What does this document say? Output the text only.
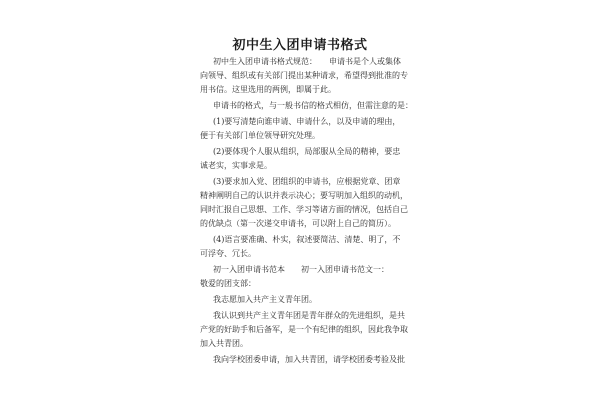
初中生入团申请书格式
初中生入团申请书格式规范：　　申请书是个人或集体
向领导、组织或有关部门提出某种请求，希望得到批准的专
用书信。这里选用的两例，即属于此。
申请书的格式，与一般书信的格式相仿，但需注意的是：
(1)要写清楚向谁申请、申请什么，以及申请的理由，
便于有关部门单位领导研究处理。
(2)要体现个人服从组织，局部服从全局的精神，要忠
诚老实，实事求是。
(3)要求加入党、团组织的申请书，应根据党章、团章
精神阐明自己的认识并表示决心；要写明加入组织的动机，
同时汇报自己思想、工作、学习等诸方面的情况，包括自己
的优缺点（第一次递交申请书，可以附上自己的简历）。
(4)语言要准确、朴实，叙述要简洁、清楚、明了，不
可浮夸、冗长。
初一入团申请书范本　　初一入团申请书范文一：
敬爱的团支部：
我志愿加入共产主义青年团。
我认识到共产主义青年团是青年群众的先进组织，是共
产党的好助手和后备军，是一个有纪律的组织，因此我争取
加入共青团。
我向学校团委申请，加入共青团，请学校团委考验及批
